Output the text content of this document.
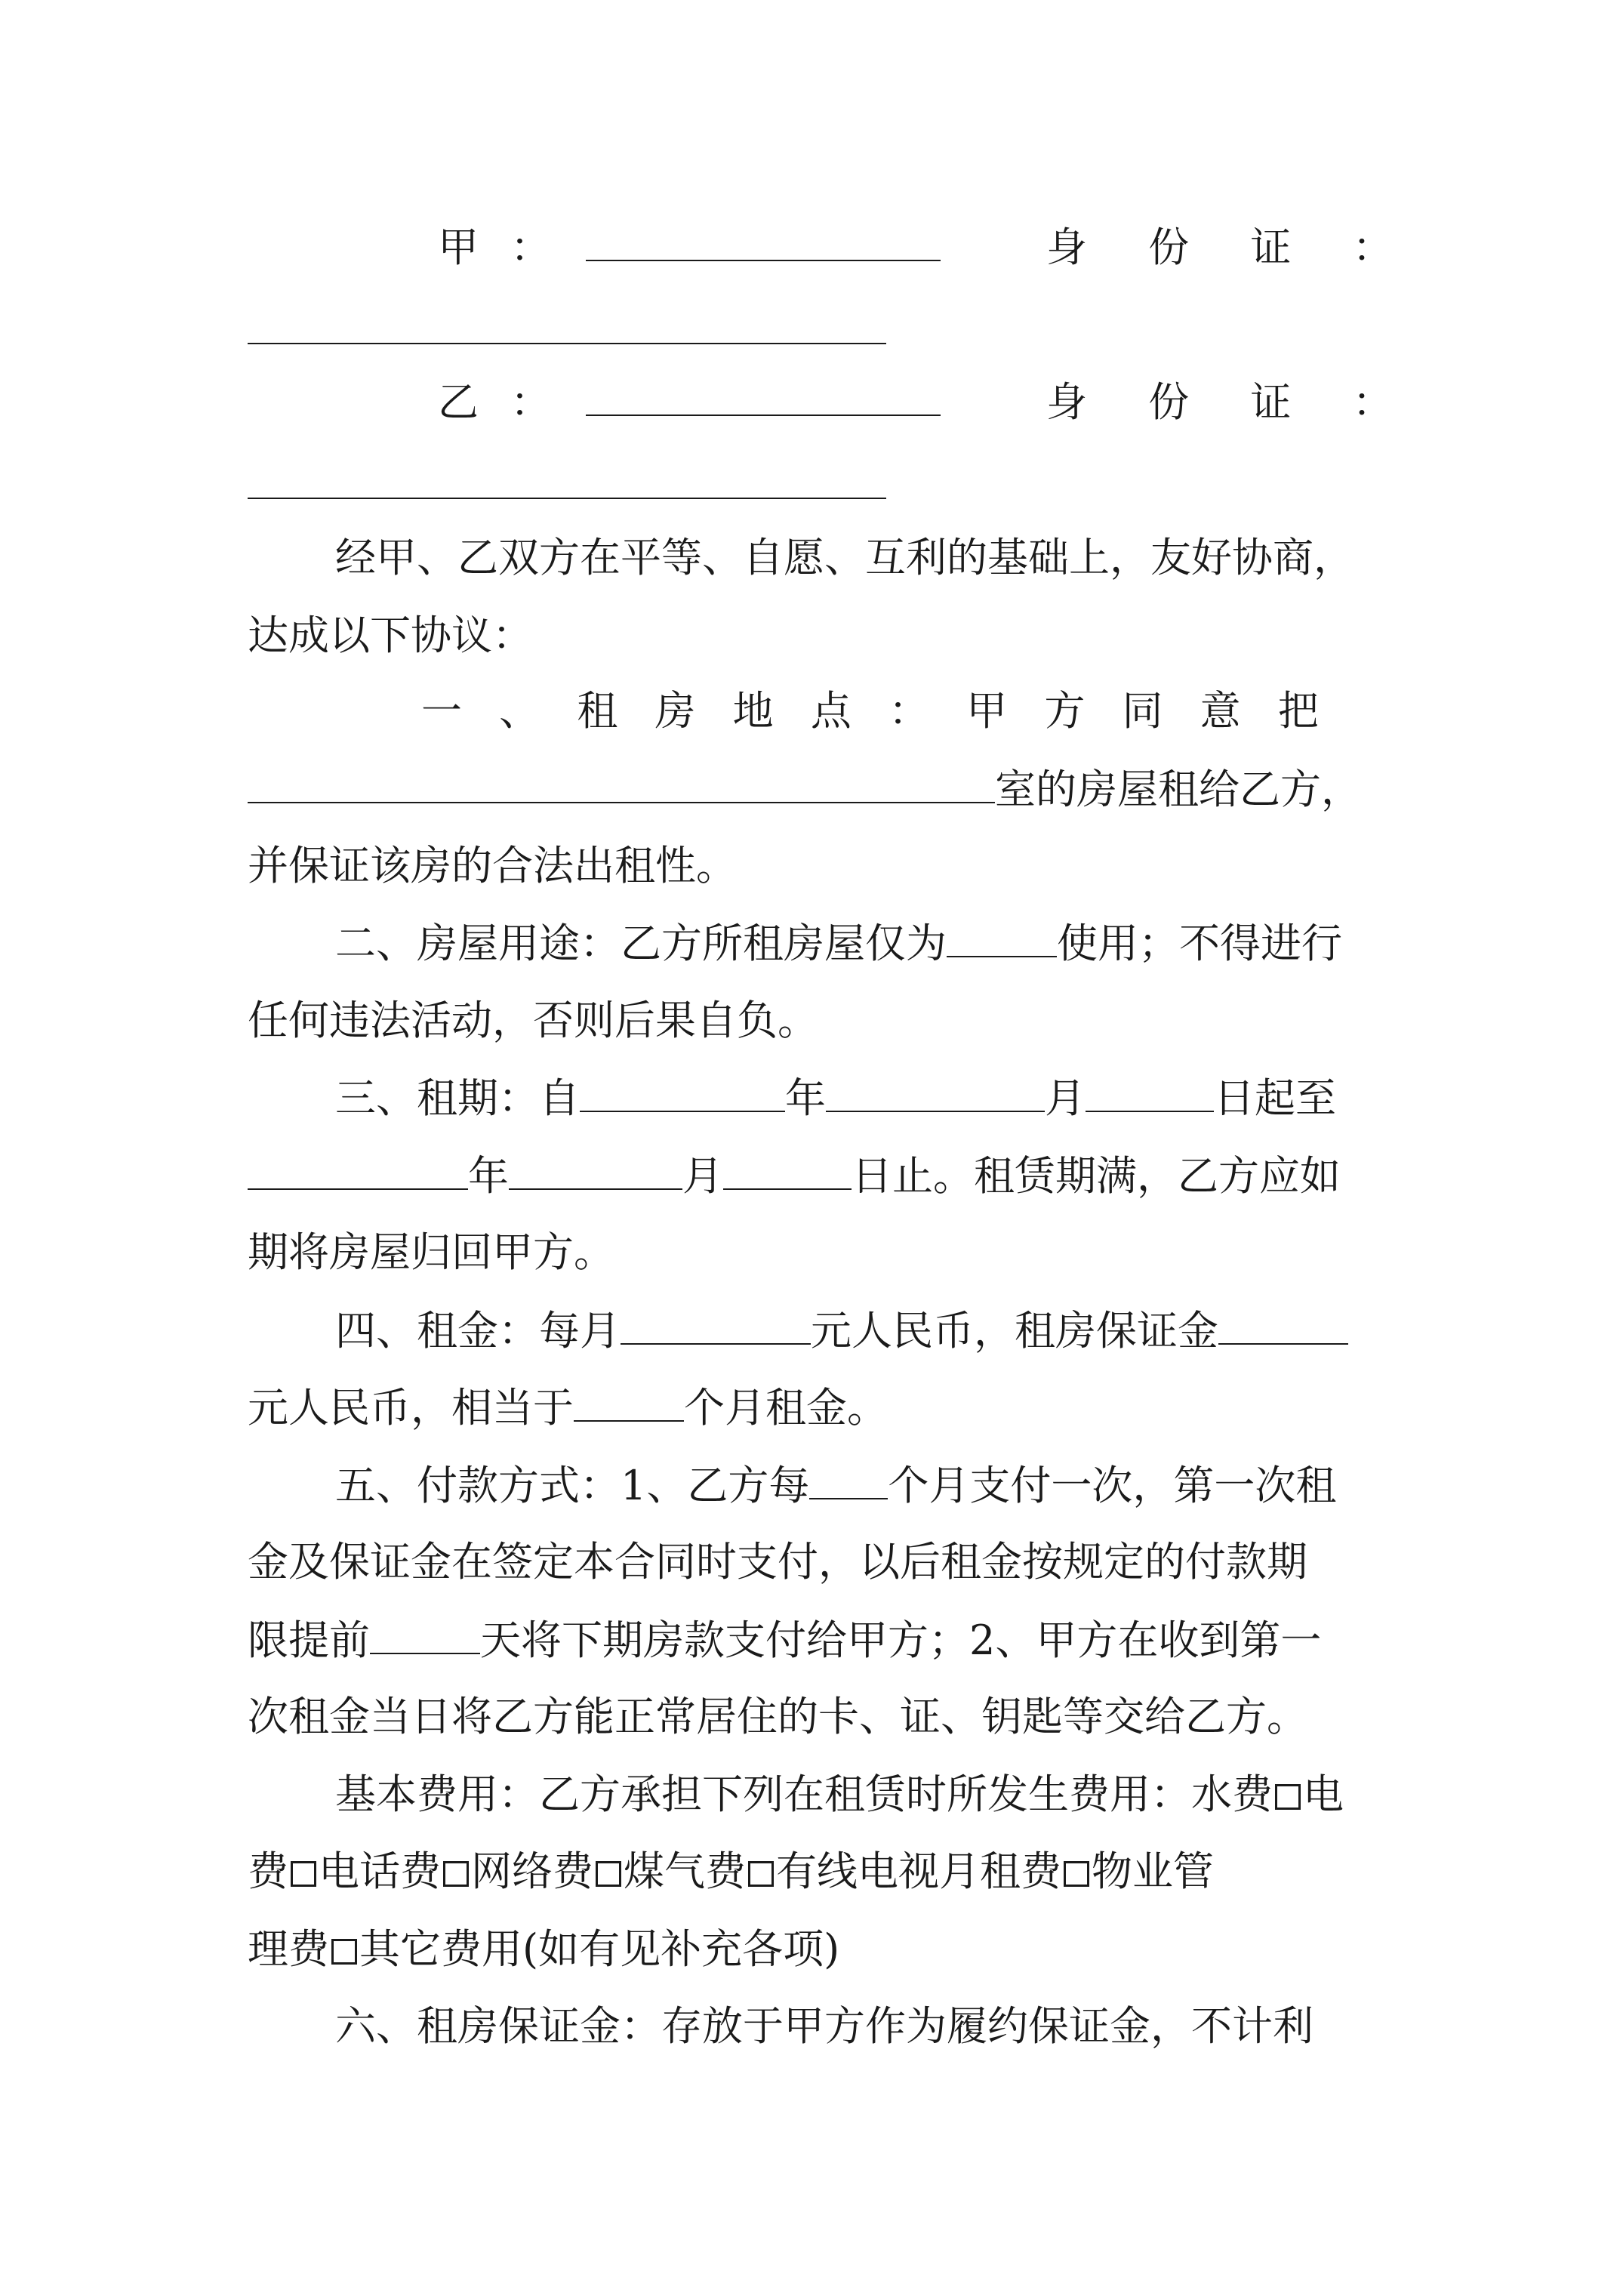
甲 ：	身 份 证 ：
乙 ：	身 份 证 ：
经甲、乙双方在平等、自愿、互利的基础上，友好协商，
达成以下协议：
一 、 租 房 地 点 ： 甲 方 同 意 把
室的房屋租给乙方，
并保证该房的合法出租性。
二、房屋用途：乙方所租房屋仅为	使用；不得进行
任何违法活动，否则后果自负。
三、租期：自	年	月	日起至
年	月	日止。租赁期满，乙方应如
期将房屋归回甲方。
四、租金：每月	元人民币，租房保证金
元人民币，相当于	个月租金。
五、付款方式：1、乙方每 个月支付一次，第一次租
金及保证金在签定本合同时支付，以后租金按规定的付款期
限提前	天将下期房款支付给甲方；2、甲方在收到第一
次租金当日将乙方能正常居住的卡、证、钥匙等交给乙方。
基本费用：乙方承担下列在租赁时所发生费用：水费 电
费 电话费 网络费 煤气费 有线电视月租费 物业管
理费 其它费用(如有见补充各项)
六、租房保证金：存放于甲方作为履约保证金，不计利
